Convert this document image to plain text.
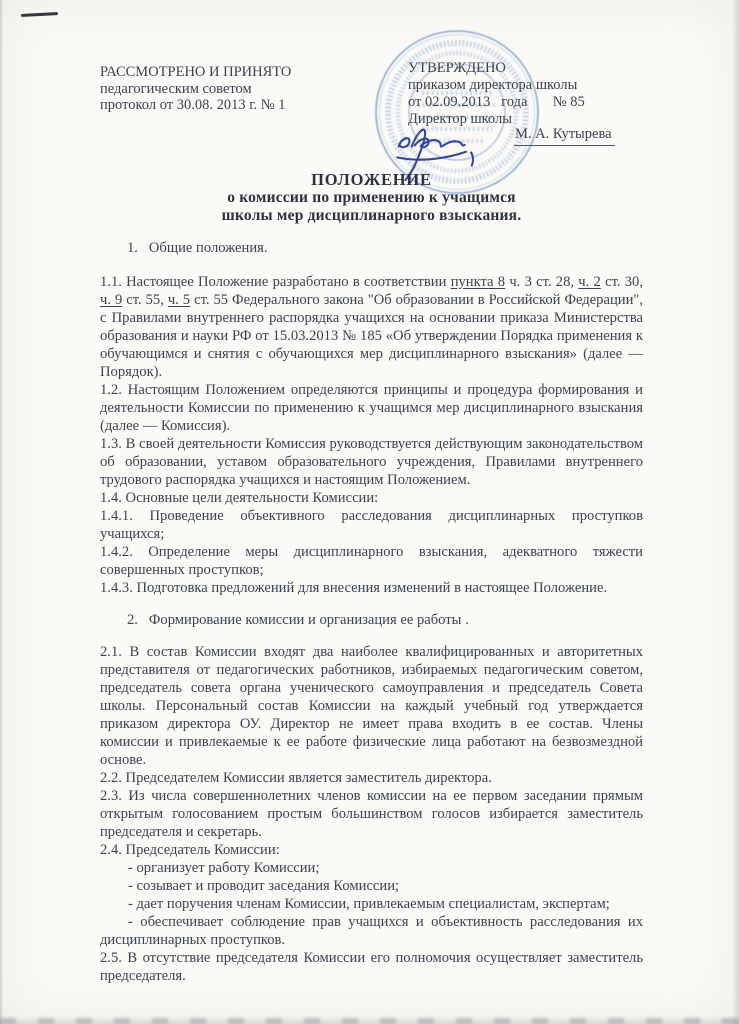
РАССМОТРЕНО И ПРИНЯТО
педагогическим советом
протокол от 30.08. 2013 г. № 1
УТВЕРЖДЕНО
приказом директора школы
от 02.09.2013   года       № 85
Директор школы
М. А. Кутырева
ПОЛОЖЕНИЕ
о комиссии по применению к учащимся
школы мер дисциплинарного взыскания.
1.   Общие положения.

1.1. Настоящее Положение разработано в соответствии пункта 8 ч. 3 ст. 28, ч. 2 ст. 30, ч. 9 ст. 55, ч. 5 ст. 55 Федерального закона "Об образовании в Российской Федерации", с Правилами внутреннего распорядка учащихся на основании приказа Министерства образования и науки РФ от 15.03.2013 № 185 «Об утверждении Порядка применения к обучающимся и снятия с обучающихся мер дисциплинарного взыскания» (далее — Порядок).

1.2. Настоящим Положением определяются принципы и процедура формирования и деятельности Комиссии по применению к учащимся мер дисциплинарного взыскания (далее — Комиссия).

1.3. В своей деятельности Комиссия руководствуется действующим законодательством об образовании, уставом образовательного учреждения, Правилами внутреннего трудового распорядка учащихся и настоящим Положением.

1.4. Основные цели деятельности Комиссии:

1.4.1. Проведение объективного расследования дисциплинарных проступков учащихся;

1.4.2. Определение меры дисциплинарного взыскания, адекватного тяжести совершенных проступков;

1.4.3. Подготовка предложений для внесения изменений в настоящее Положение.

2.   Формирование комиссии и организация ее работы .

2.1. В состав Комиссии входят два наиболее квалифицированных и авторитетных представителя от педагогических работников, избираемых педагогическим советом, председатель совета органа ученического самоуправления и председатель Совета школы. Персональный состав Комиссии на каждый учебный год утверждается приказом директора ОУ. Директор не имеет права входить в ее состав. Члены комиссии и привлекаемые к ее работе физические лица работают на безвозмездной основе.

2.2. Председателем Комиссии является заместитель директора.

2.3. Из числа совершеннолетних членов комиссии на ее первом заседании прямым открытым голосованием простым большинством голосов избирается заместитель председателя и секретарь.

2.4. Председатель Комиссии:

- организует работу Комиссии;

- созывает и проводит заседания Комиссии;

- дает поручения членам Комиссии, привлекаемым специалистам, экспертам;

- обеспечивает соблюдение прав учащихся и объективность расследования их дисциплинарных проступков.

2.5. В отсутствие председателя Комиссии его полномочия осуществляет заместитель председателя.
